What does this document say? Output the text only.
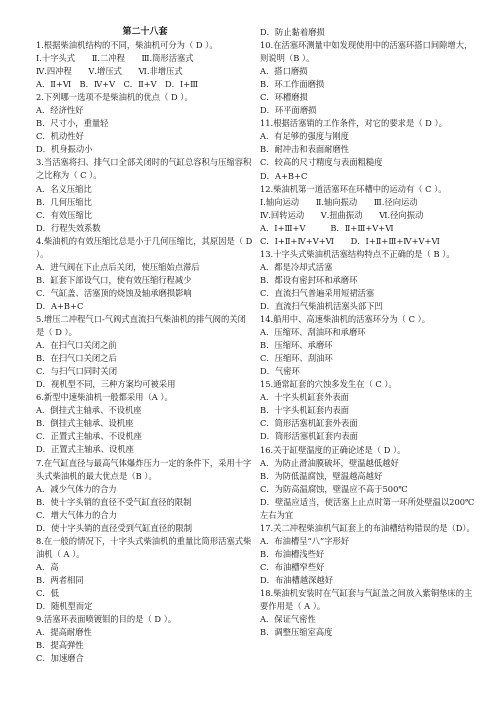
第二十八套
1.根据柴油机结构的不同，柴油机可分为（ D ）。
Ⅰ.十字头式　　Ⅱ.二冲程　　Ⅲ.筒形活塞式
Ⅳ.四冲程　　Ⅴ.增压式　　Ⅵ.非增压式
A．Ⅱ+Ⅵ　B．Ⅳ+Ⅴ　C．Ⅱ+Ⅴ　D．Ⅰ+Ⅲ
2.下列哪一选项不是柴油机的优点（ D ）。
A．经济性好
B．尺寸小，重量轻
C．机动性好
D．机身振动小
3.当活塞将扫、排气口全部关闭时的气缸总容积与压缩容积之比称为（ C ）。
A．名义压缩比
B．几何压缩比
C．有效压缩比
D．行程失效系数
4.柴油机的有效压缩比总是小于几何压缩比，其原因是（ D ）。
A．进气阀在下止点后关闭，使压缩始点滞后
B．缸套下部设气口，使有效压缩行程减少
C．气缸盖、活塞顶的烧蚀及轴承磨损影响
D．A+B+C
5.增压二冲程气口-气阀式直流扫气柴油机的排气阀的关闭是（ D ）。
A．在扫气口关闭之前
B．在扫气口关闭之后
C．与扫气口同时关闭
D．视机型不同，三种方案均可被采用
6.新型中速柴油机一般都采用（A ）。
A．倒挂式主轴承、不设机座
B．倒挂式主轴承、设机座
C．正置式主轴承、不设机座
D．正置式主轴承、设机座
7.在气缸直径与最高气体爆炸压力一定的条件下，采用十字头式柴油机的最大优点是（B ）。
A．减少气体力的合力
B．使十字头销的直径不受气缸直径的限制
C．增大气体力的合力
D．使十字头销的直径受到气缸直径的限制
8.在一般的情况下，十字头式柴油机的重量比筒形活塞式柴油机（ A ）。
A．高
B．两者相同
C．低
D．随机型而定
9.活塞环表面喷镀钼的目的是（ D ）。
A．提高耐磨性
B．提高弹性
C．加速磨合
D．防止黏着磨损
10.在活塞环测量中如发现使用中的活塞环搭口间隙增大，则说明（B ）。
A．搭口磨损
B．环工作面磨损
C．环槽磨损
D．环平面磨损
11.根据活塞销的工作条件，对它的要求是（ D ）。
A．有足够的强度与刚度
B．耐冲击和表面耐磨性
C．较高的尺寸精度与表面粗糙度
D．A+B+C
12.柴油机第一道活塞环在环槽中的运动有（ C ）。
Ⅰ.轴向运动　　Ⅱ.轴向振动　　Ⅲ.径向运动
Ⅳ.回转运动　　Ⅴ.扭曲振动　　Ⅵ.径向振动
A．Ⅰ+Ⅲ+Ⅴ　　　B．Ⅱ+Ⅲ+Ⅴ+Ⅵ
C．Ⅰ+Ⅱ+Ⅳ+Ⅴ+Ⅵ　　D．Ⅰ+Ⅱ+Ⅲ+Ⅳ+Ⅴ+Ⅵ
13.十字头式柴油机活塞结构特点不正确的是（ B ）。
A．都是冷却式活塞
B．都设有密封环和承磨环
C．直流扫气普遍采用短裙活塞
D．直流扫气柴油机活塞头部下凹
14.船用中、高速柴油机的活塞环分为（ C ）。
A．压缩环、刮油环和承磨环
B．压缩环、承磨环
C．压缩环、刮油环
D．气密环
15.通常缸套的穴蚀多发生在（ C ）。
A．十字头机缸套外表面
B．十字头机缸套内表面
C．筒形活塞机缸套外表面
D．筒形活塞机缸套内表面
16.关于缸壁温度的正确论述是（ D ）。
A．为防止滑油膜破坏，壁温越低越好
B．为防低温腐蚀，壁温越高越好
C．为防高温腐蚀，壁温应不高于500℃
D．壁温应适当，使活塞上止点时第一环所处壁温以200℃左右为宜
17.关二冲程柴油机气缸套上的布油槽结构错误的是（D）。
A．布油槽呈“八”字形好
B．布油槽浅些好
C．布油槽窄些好
D．布油槽越深越好
18.柴油机安装时在气缸套与气缸盖之间放入紫铜垫床的主要作用是（ A ）。
A．保证气密性
B．调整压缩室高度
